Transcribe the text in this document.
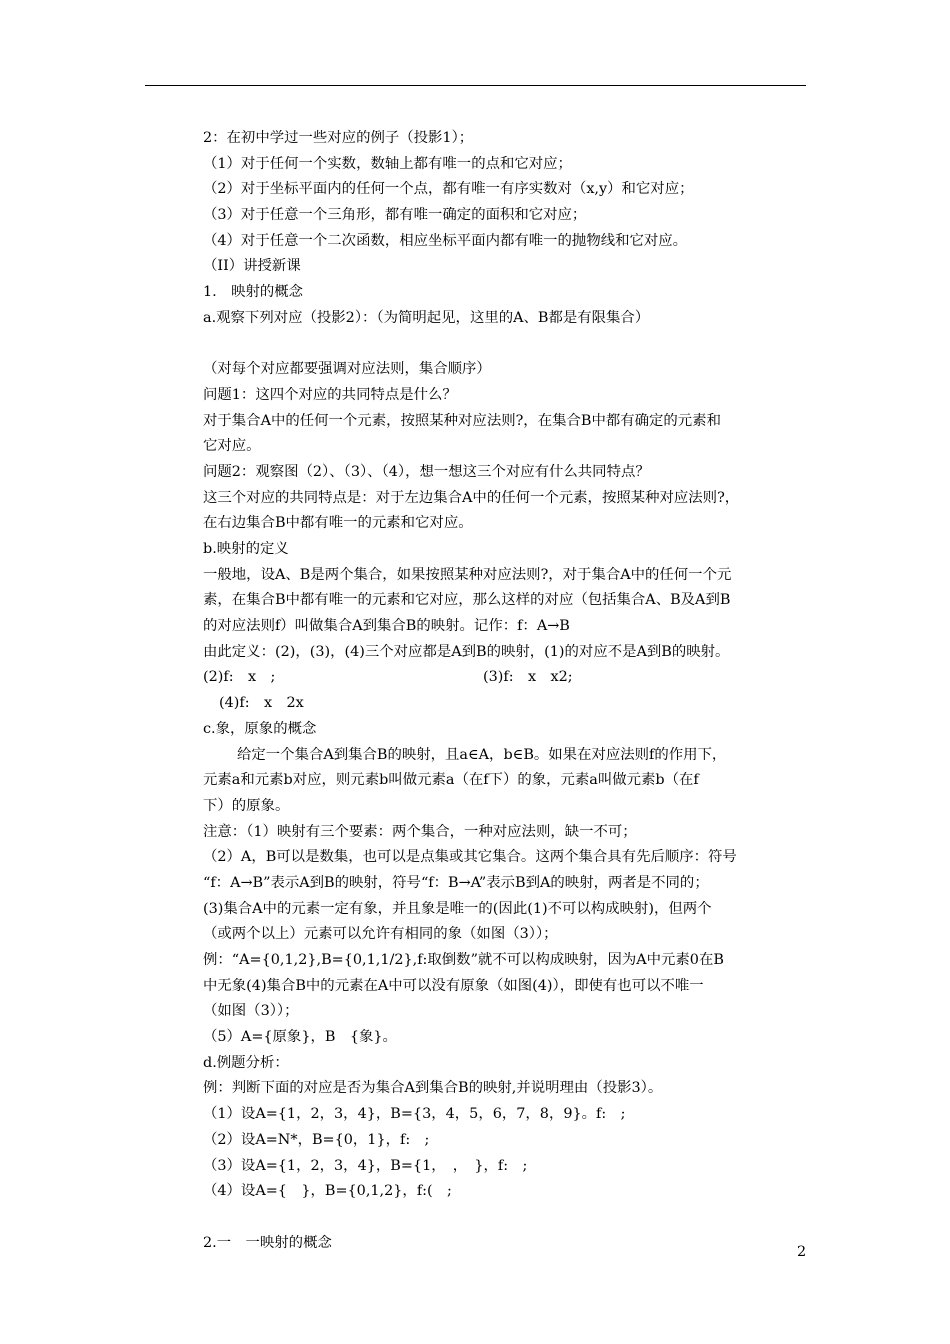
2：在初中学过一些对应的例子（投影1）；
（1）对于任何一个实数，数轴上都有唯一的点和它对应；
（2）对于坐标平面内的任何一个点，都有唯一有序实数对（x,y）和它对应；
（3）对于任意一个三角形，都有唯一确定的面积和它对应；
（4）对于任意一个二次函数，相应坐标平面内都有唯一的抛物线和它对应。
（II）讲授新课
1.　映射的概念
a.观察下列对应（投影2）：（为简明起见，这里的A、B都是有限集合）
（对每个对应都要强调对应法则，集合顺序）
问题1：这四个对应的共同特点是什么？
对于集合A中的任何一个元素，按照某种对应法则?，在集合B中都有确定的元素和
它对应。
问题2：观察图（2）、（3）、（4），想一想这三个对应有什么共同特点？
这三个对应的共同特点是：对于左边集合A中的任何一个元素，按照某种对应法则?，
在右边集合B中都有唯一的元素和它对应。
b.映射的定义
一般地，设A、B是两个集合，如果按照某种对应法则?，对于集合A中的任何一个元
素，在集合B中都有唯一的元素和它对应，那么这样的对应（包括集合A、B及A到B
的对应法则f）叫做集合A到集合B的映射。记作：f：A→B
由此定义：(2)，(3)，(4)三个对应都是A到B的映射，(1)的对应不是A到B的映射。
(2)f:　x　;	(3)f:　x　x2;
(4)f:　x　2x
c.象，原象的概念
给定一个集合A到集合B的映射，且a∈A，b∈B。如果在对应法则f的作用下，
元素a和元素b对应，则元素b叫做元素a（在f下）的象，元素a叫做元素b（在f
下）的原象。
注意：（1）映射有三个要素：两个集合，一种对应法则，缺一不可；
（2）A，B可以是数集，也可以是点集或其它集合。这两个集合具有先后顺序：符号
“f：A→B”表示A到B的映射，符号“f：B→A”表示B到A的映射，两者是不同的；
(3)集合A中的元素一定有象，并且象是唯一的(因此(1)不可以构成映射)，但两个
（或两个以上）元素可以允许有相同的象（如图（3））；
例：“A={0,1,2},B={0,1,1/2},f:取倒数”就不可以构成映射，因为A中元素0在B
中无象(4)集合B中的元素在A中可以没有原象（如图(4)），即使有也可以不唯一
（如图（3））；
（5）A={原象}，B　{象}。
d.例题分析：
例：判断下面的对应是否为集合A到集合B的映射,并说明理由（投影3）。
（1）设A={1，2，3，4}，B={3，4，5，6，7，8，9}。f:　;
（2）设A=N*，B={0，1}，f:　;
（3）设A={1，2，3，4}，B={1，　，　}，f:　;
（4）设A={　}，B={0,1,2}，f:(　;
2.一　一映射的概念
2
